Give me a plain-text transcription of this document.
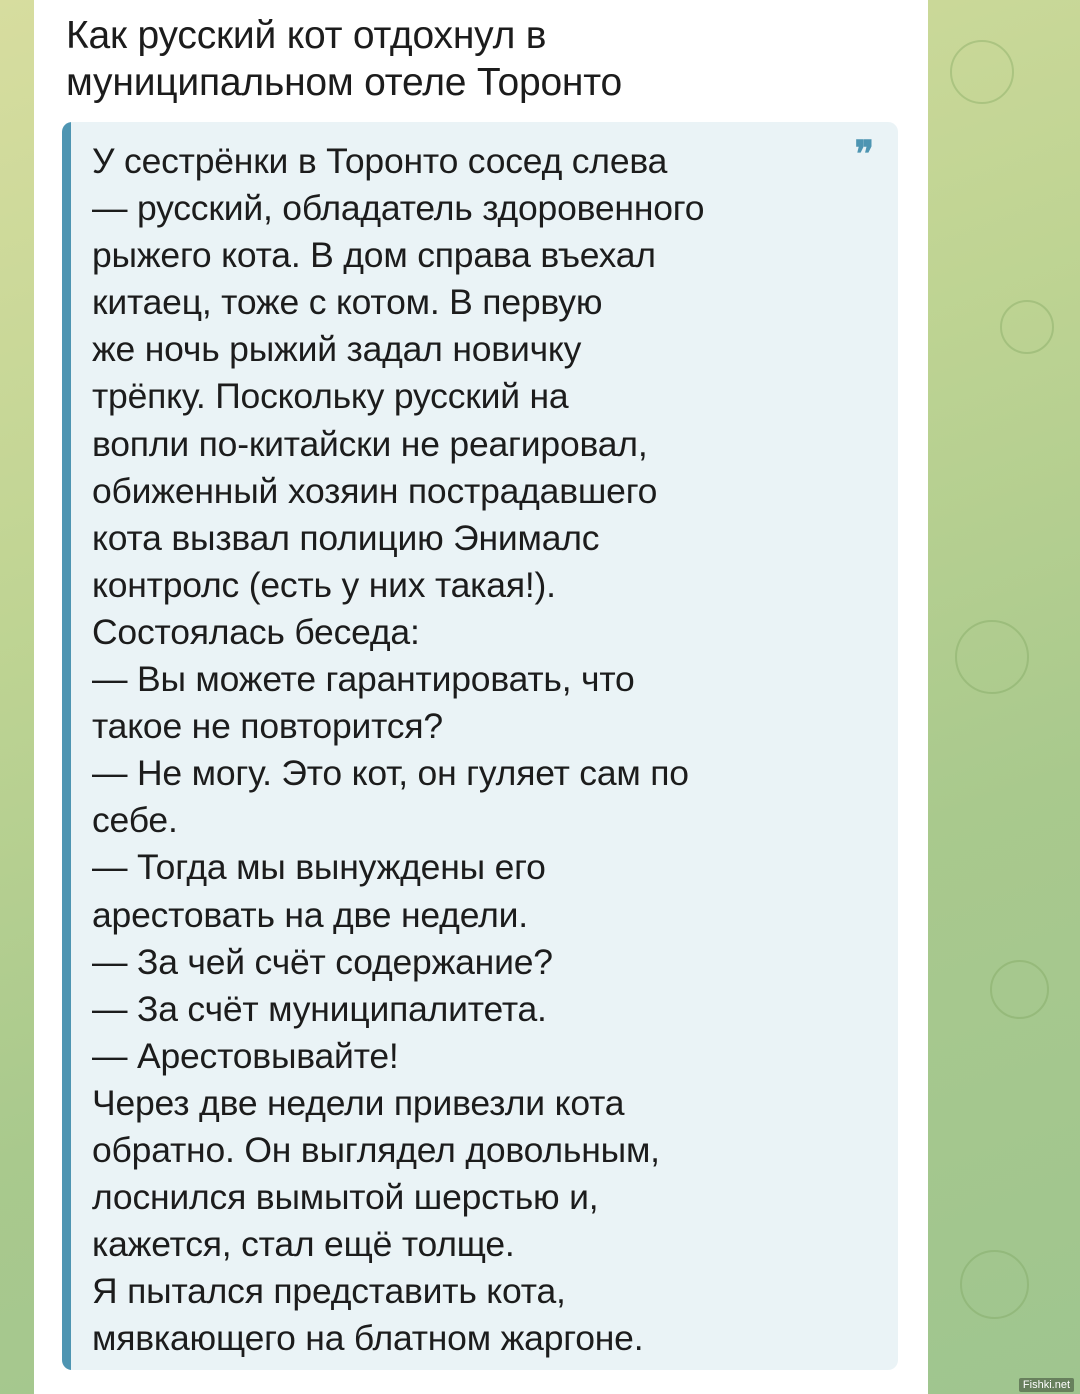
Как русский кот отдохнул в
муниципальном отеле Торонто
❞
У сестрёнки в Торонто сосед слева
— русский, обладатель здоровенного
рыжего кота. В дом справа въехал
китаец, тоже с котом. В первую
же ночь рыжий задал новичку
трёпку. Поскольку русский на
вопли по-китайски не реагировал,
обиженный хозяин пострадавшего
кота вызвал полицию Энималс
контролс (есть у них такая!).
Состоялась беседа:
— Вы можете гарантировать, что
такое не повторится?
— Не могу. Это кот, он гуляет сам по
себе.
— Тогда мы вынуждены его
арестовать на две недели.
— За чей счёт содержание?
— За счёт муниципалитета.
— Арестовывайте!
Через две недели привезли кота
обратно. Он выглядел довольным,
лоснился вымытой шерстью и,
кажется, стал ещё толще.
Я пытался представить кота,
мявкающего на блатном жаргоне.
Fishki.net
